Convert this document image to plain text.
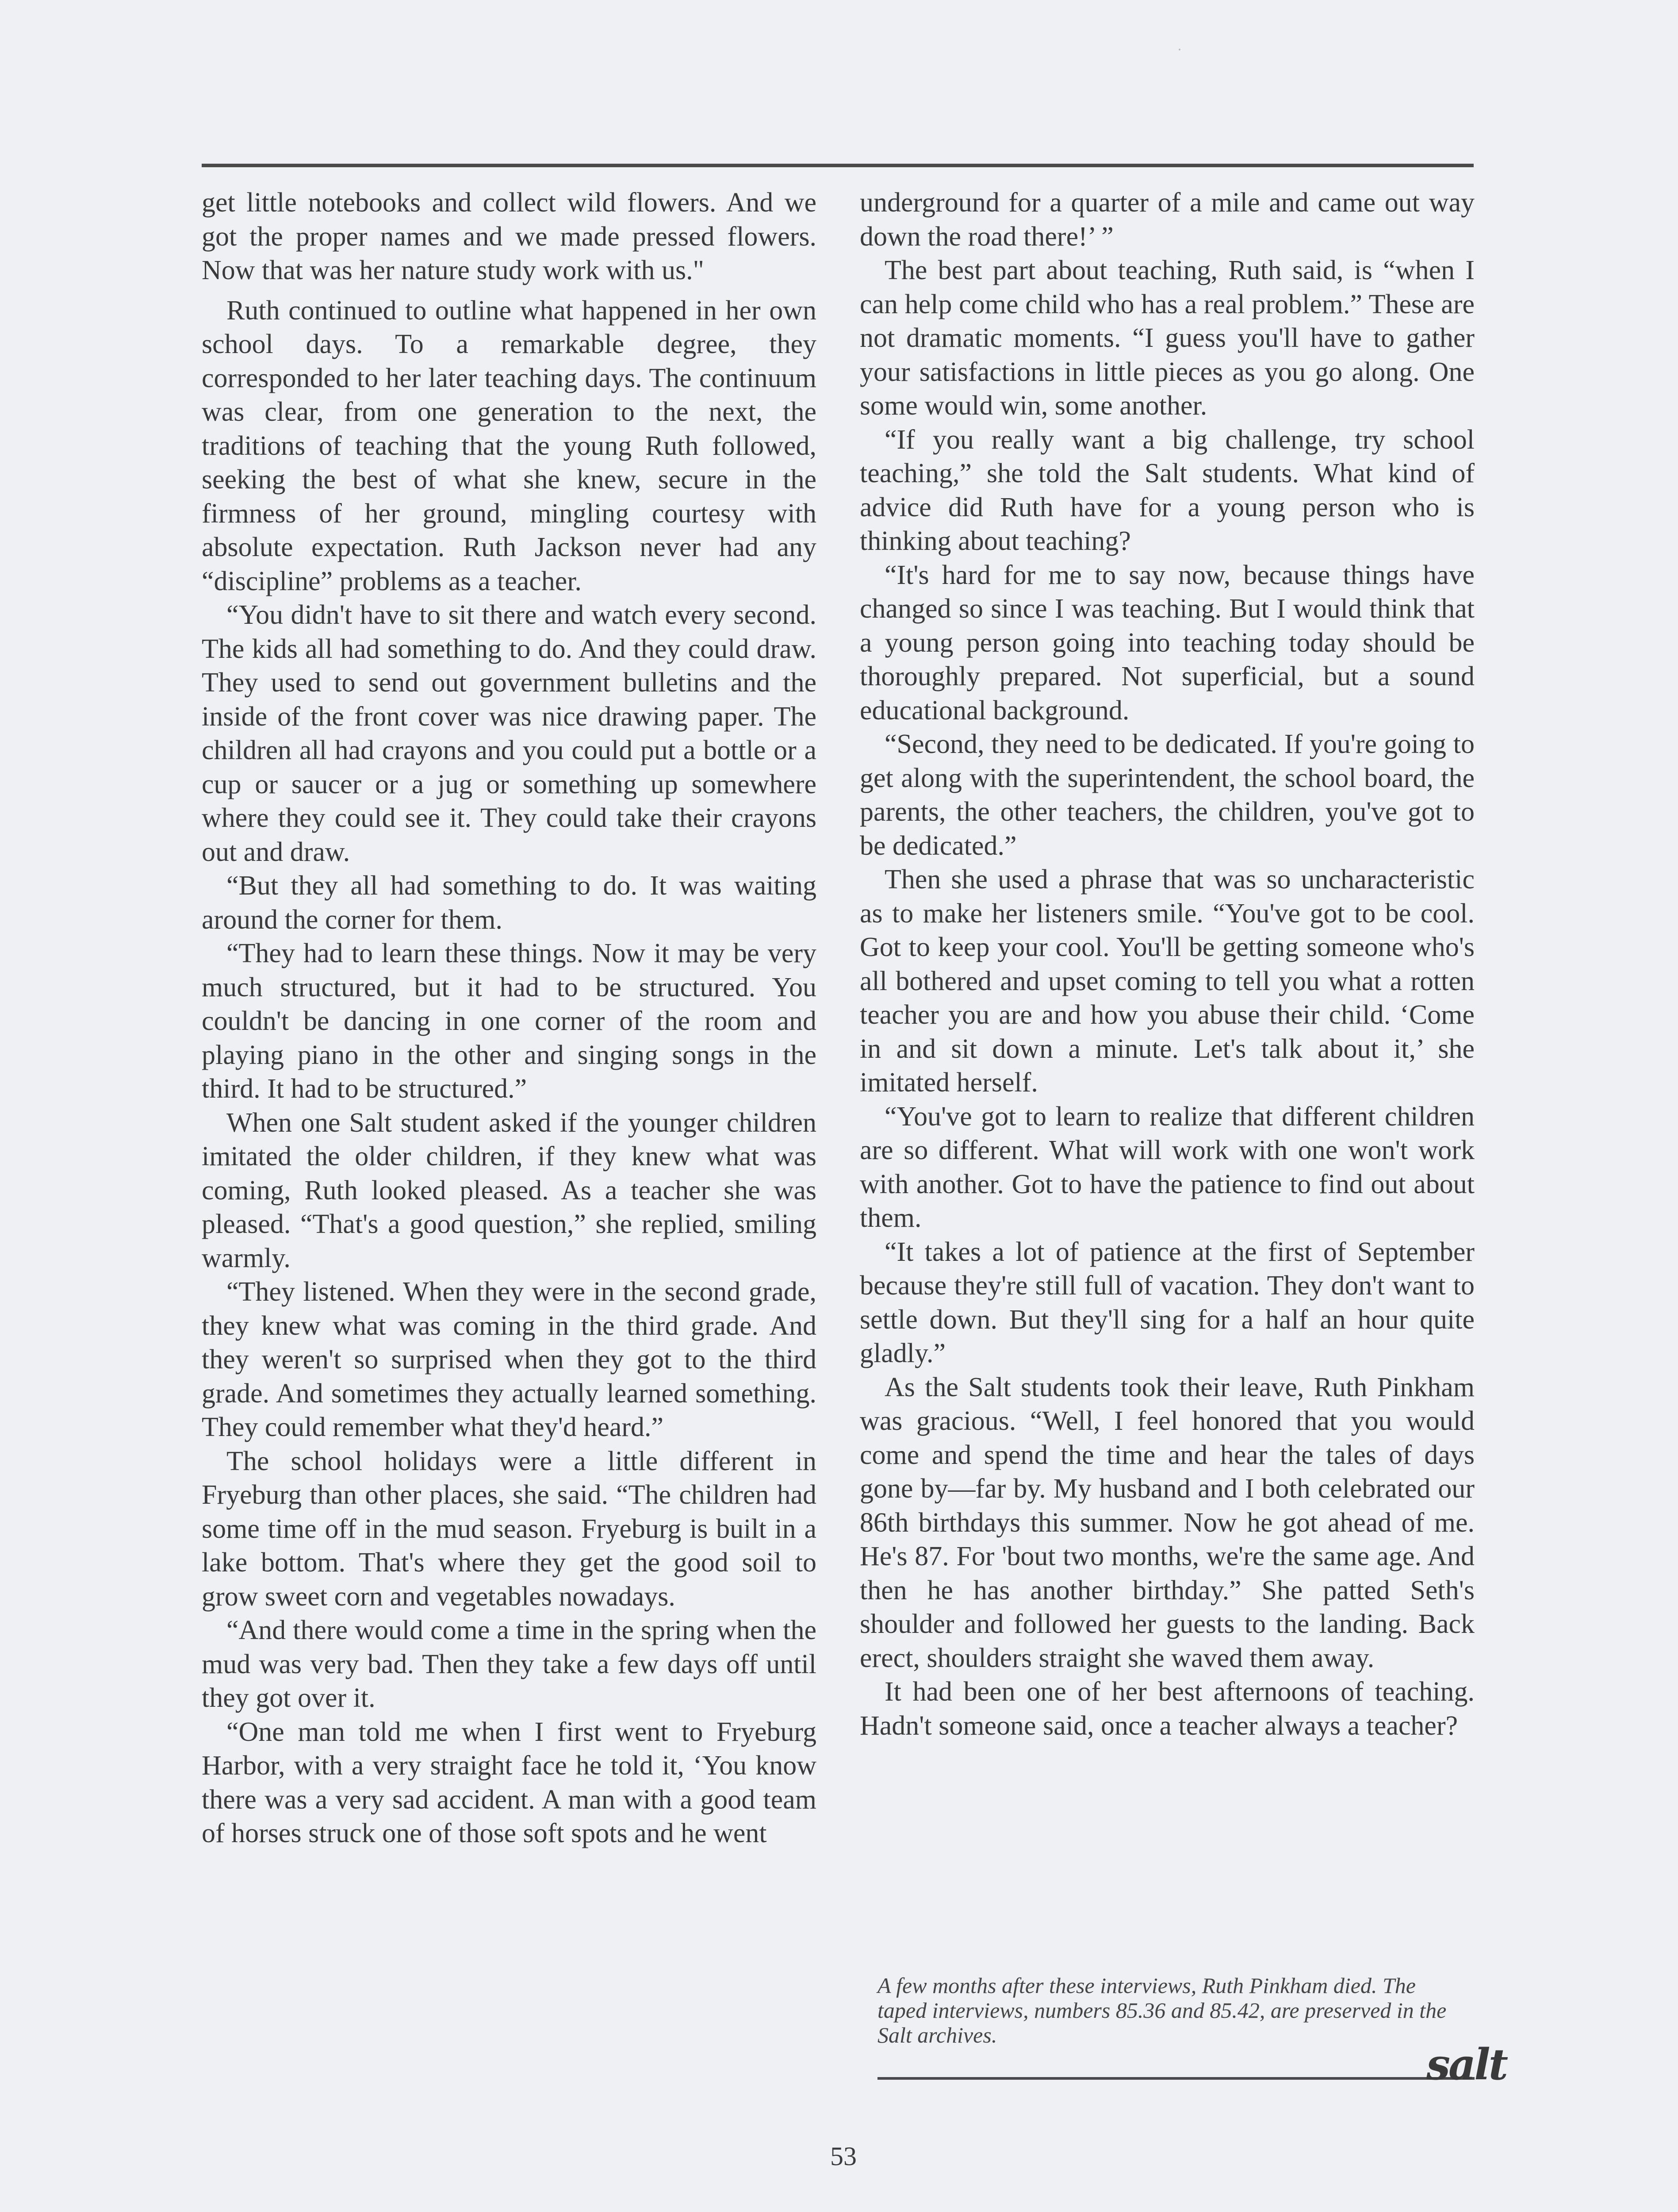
get little notebooks and collect wild flowers. And we got the proper names and we made pressed flowers. Now that was her nature study work with us."

Ruth continued to outline what happened in her own school days. To a remarkable degree, they corresponded to her later teaching days. The continuum was clear, from one generation to the next, the traditions of teaching that the young Ruth followed, seeking the best of what she knew, secure in the firmness of her ground, mingling courtesy with absolute expectation. Ruth Jackson never had any “discipline” problems as a teacher.

“You didn't have to sit there and watch every second. The kids all had something to do. And they could draw. They used to send out government bulletins and the inside of the front cover was nice drawing paper. The children all had crayons and you could put a bottle or a cup or saucer or a jug or something up somewhere where they could see it. They could take their crayons out and draw.

“But they all had something to do. It was waiting around the corner for them.

“They had to learn these things. Now it may be very much structured, but it had to be structured. You couldn't be dancing in one corner of the room and playing piano in the other and singing songs in the third. It had to be structured.”

When one Salt student asked if the younger children imitated the older children, if they knew what was coming, Ruth looked pleased. As a teacher she was pleased. “That's a good question,” she replied, smiling warmly.

“They listened. When they were in the second grade, they knew what was coming in the third grade. And they weren't so surprised when they got to the third grade. And sometimes they actually learned something. They could remember what they'd heard.”

The school holidays were a little different in Fryeburg than other places, she said. “The children had some time off in the mud season. Fryeburg is built in a lake bottom. That's where they get the good soil to grow sweet corn and vegetables nowadays.

“And there would come a time in the spring when the mud was very bad. Then they take a few days off until they got over it.

“One man told me when I first went to Fryeburg Harbor, with a very straight face he told it, ‘You know there was a very sad accident. A man with a good team of horses struck one of those soft spots and he went

underground for a quarter of a mile and came out way down the road there!’ ”

The best part about teaching, Ruth said, is “when I can help come child who has a real problem.” These are not dramatic moments. “I guess you'll have to gather your satisfactions in little pieces as you go along. One some would win, some another.

“If you really want a big challenge, try school teaching,” she told the Salt students. What kind of advice did Ruth have for a young person who is thinking about teaching?

“It's hard for me to say now, because things have changed so since I was teaching. But I would think that a young person going into teaching today should be thoroughly prepared. Not superficial, but a sound educational background.

“Second, they need to be dedicated. If you're going to get along with the superintendent, the school board, the parents, the other teachers, the children, you've got to be dedicated.”

Then she used a phrase that was so uncharacteristic as to make her listeners smile. “You've got to be cool. Got to keep your cool. You'll be getting someone who's all bothered and upset coming to tell you what a rotten teacher you are and how you abuse their child. ‘Come in and sit down a minute. Let's talk about it,’ she imitated herself.

“You've got to learn to realize that different children are so different. What will work with one won't work with another. Got to have the patience to find out about them.

“It takes a lot of patience at the first of September because they're still full of vacation. They don't want to settle down. But they'll sing for a half an hour quite gladly.”

As the Salt students took their leave, Ruth Pinkham was gracious. “Well, I feel honored that you would come and spend the time and hear the tales of days gone by—far by. My husband and I both celebrated our 86th birthdays this summer. Now he got ahead of me. He's 87. For 'bout two months, we're the same age. And then he has another birthday.” She patted Seth's shoulder and followed her guests to the landing. Back erect, shoulders straight she waved them away.

It had been one of her best afternoons of teaching. Hadn't someone said, once a teacher always a teacher?

A few months after these interviews, Ruth Pinkham died. The taped interviews, numbers 85.36 and 85.42, are preserved in the Salt archives.
salt
53
